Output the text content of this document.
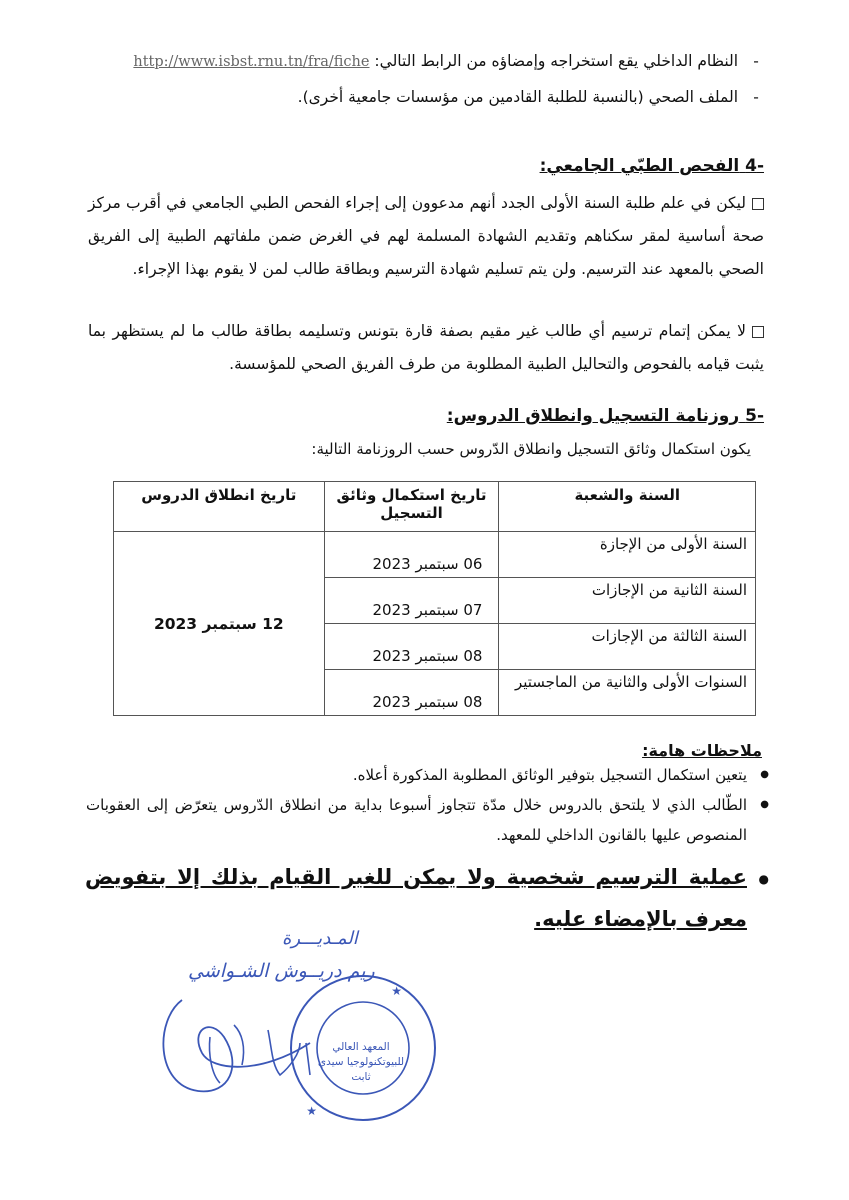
- النظام الداخلي يقع استخراجه وإمضاؤه من الرابط التالي: http://www.isbst.rnu.tn/fra/fiche
- الملف الصحي (بالنسبة للطلبة القادمين من مؤسسات جامعية أخرى).
-4 الفحص الطبّي الجامعي:
ليكن في علم طلبة السنة الأولى الجدد أنهم مدعوون إلى إجراء الفحص الطبي الجامعي في أقرب مركز صحة أساسية لمقر سكناهم وتقديم الشهادة المسلمة لهم في الغرض ضمن ملفاتهم الطبية إلى الفريق الصحي بالمعهد عند الترسيم. ولن يتم تسليم شهادة الترسيم وبطاقة طالب لمن لا يقوم بهذا الإجراء.
لا يمكن إتمام ترسيم أي طالب غير مقيم بصفة قارة بتونس وتسليمه بطاقة طالب ما لم يستظهر بما يثبت قيامه بالفحوص والتحاليل الطبية المطلوبة من طرف الفريق الصحي للمؤسسة.
-5 روزنامة التسجيل وانطلاق الدروس:
يكون استكمال وثائق التسجيل وانطلاق الدّروس حسب الروزنامة التالية:
السنة والشعبة	تاريخ استكمال وثائق التسجيل	تاريخ انطلاق الدروس
السنة الأولى من الإجازة	06 سبتمبر 2023	12 سبتمبر 2023
السنة الثانية من الإجازات	07 سبتمبر 2023	
السنة الثالثة من الإجازات	08 سبتمبر 2023	
السنوات الأولى والثانية من الماجستير	08 سبتمبر 2023	
ملاحظات هامة:
● يتعين استكمال التسجيل بتوفير الوثائق المطلوبة المذكورة أعلاه.
● الطّالب الذي لا يلتحق بالدروس خلال مدّة تتجاوز أسبوعا بداية من انطلاق الدّروس يتعرّض إلى العقوبات المنصوص عليها بالقانون الداخلي للمعهد.
●
عملية الترسيم شخصية ولا يمكن للغير القيام بذلك إلا بتفويض معرف بالإمضاء عليه.
★
★
المـديـــرة
ريم دريــوش الشـواشي
المعهد العالي للبيوتكنولوجيا سيدي ثابت
